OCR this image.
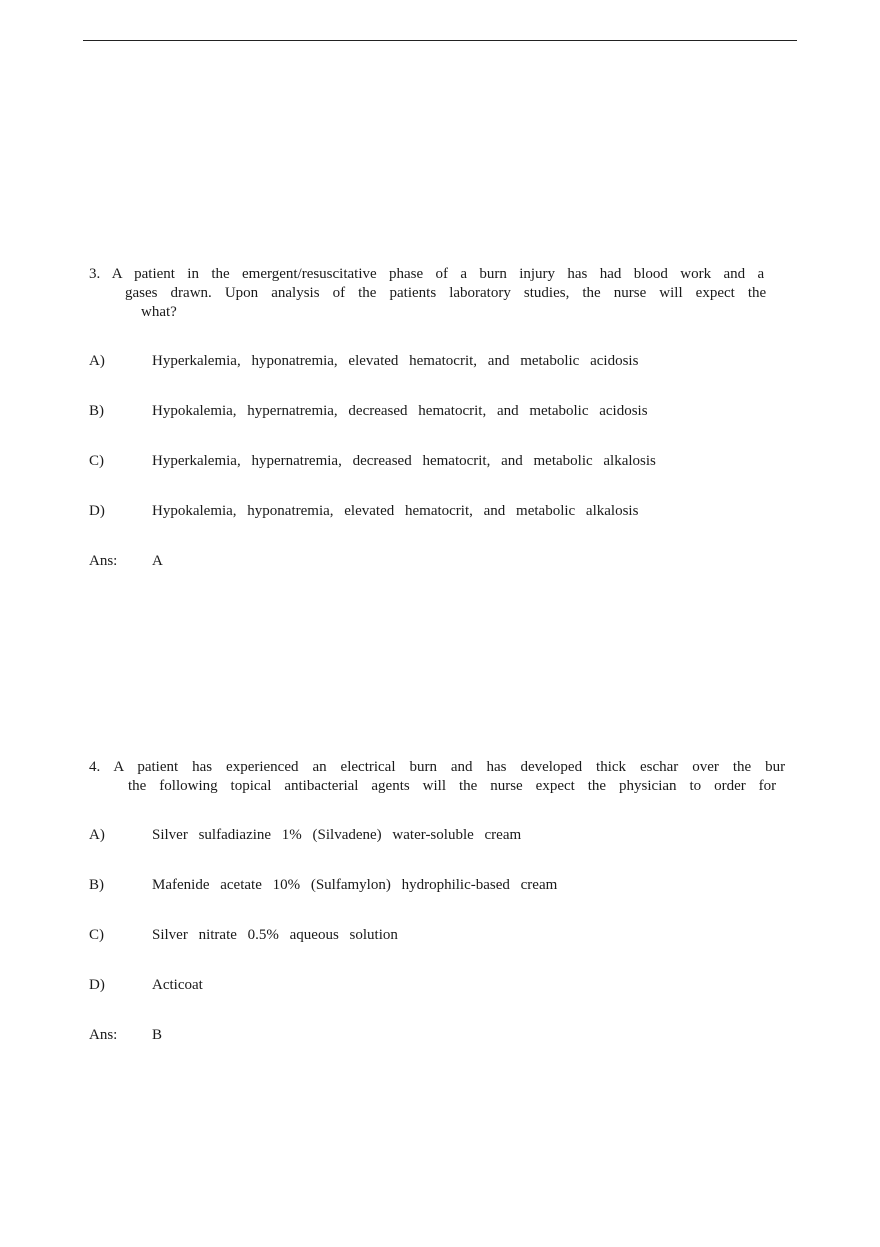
3. A patient in the emergent/resuscitative phase of a burn injury has had blood work and a
gases drawn. Upon analysis of the patients laboratory studies, the nurse will expect the
what?
A)	Hyperkalemia, hyponatremia, elevated hematocrit, and metabolic acidosis
B)	Hypokalemia, hypernatremia, decreased hematocrit, and metabolic acidosis
C)	Hyperkalemia, hypernatremia, decreased hematocrit, and metabolic alkalosis
D)	Hypokalemia, hyponatremia, elevated hematocrit, and metabolic alkalosis
Ans: A
4. A patient has experienced an electrical burn and has developed thick eschar over the bur
the following topical antibacterial agents will the nurse expect the physician to order for
A)	Silver sulfadiazine 1% (Silvadene) water-soluble cream
B)	Mafenide acetate 10% (Sulfamylon) hydrophilic-based cream
C)	Silver nitrate 0.5% aqueous solution
D)	Acticoat
Ans: B
